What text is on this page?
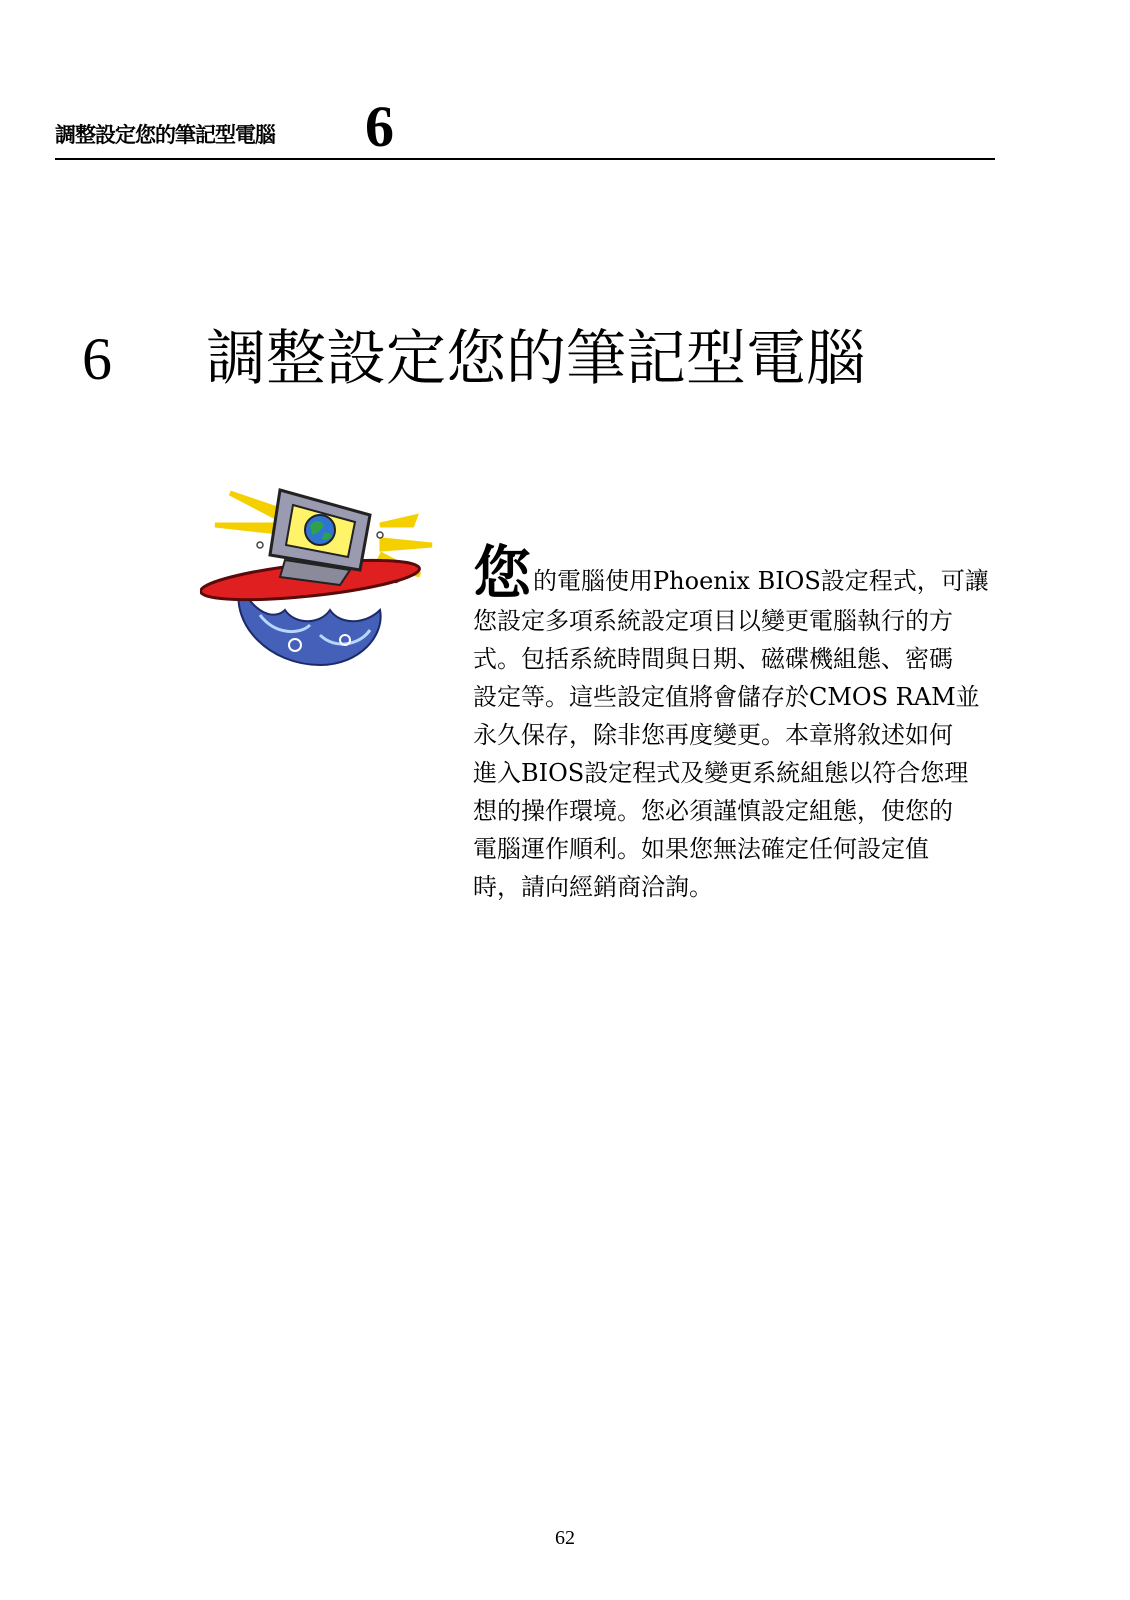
調整設定您的筆記型電腦 6
6 調整設定您的筆記型電腦

您的電腦使用Phoenix BIOS設定程式，可讓
您設定多項系統設定項目以變更電腦執行的方
式。包括系統時間與日期、磁碟機組態、密碼
設定等。這些設定值將會儲存於CMOS RAM並
永久保存，除非您再度變更。本章將敘述如何
進入BIOS設定程式及變更系統組態以符合您理
想的操作環境。您必須謹慎設定組態，使您的
電腦運作順利。如果您無法確定任何設定值
時，請向經銷商洽詢。

62
